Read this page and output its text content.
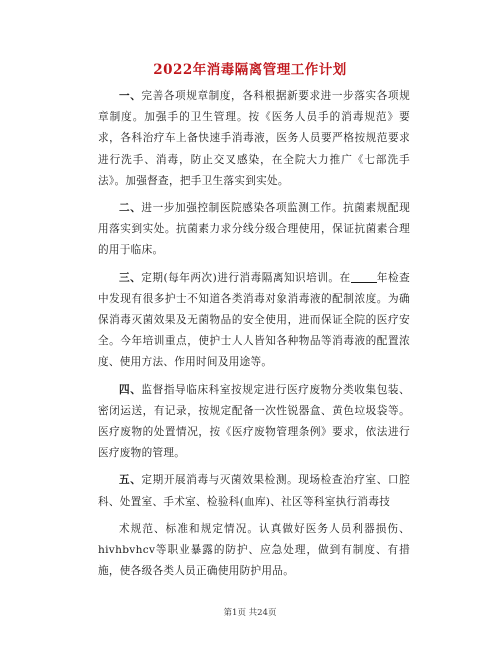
2022年消毒隔离管理工作计划

一、完善各项规章制度，各科根据新要求进一步落实各项规章制度。加强手的卫生管理。按《医务人员手的消毒规范》要求，各科治疗车上备快速手消毒液，医务人员要严格按规范要求进行洗手、消毒，防止交叉感染，在全院大力推广《七部洗手法》。加强督查，把手卫生落实到实处。

二、进一步加强控制医院感染各项监测工作。抗菌素规配现用落实到实处。抗菌素力求分线分级合理使用，保证抗菌素合理的用于临床。

三、定期(每年两次)进行消毒隔离知识培训。在 年检查中发现有很多护士不知道各类消毒对象消毒液的配制浓度。为确保消毒灭菌效果及无菌物品的安全使用，进而保证全院的医疗安全。今年培训重点，使护士人人皆知各种物品等消毒液的配置浓度、使用方法、作用时间及用途等。

四、监督指导临床科室按规定进行医疗废物分类收集包装、密闭运送，有记录，按规定配备一次性锐器盒、黄色垃圾袋等。医疗废物的处置情况，按《医疗废物管理条例》要求，依法进行医疗废物的管理。

五、定期开展消毒与灭菌效果检测。现场检查治疗室、口腔科、处置室、手术室、检验科(血库)、社区等科室执行消毒技

术规范、标准和规定情况。认真做好医务人员利器损伤、hivhbvhcv等职业暴露的防护、应急处理，做到有制度、有措施，使各级各类人员正确使用防护用品。

第1页 共24页
